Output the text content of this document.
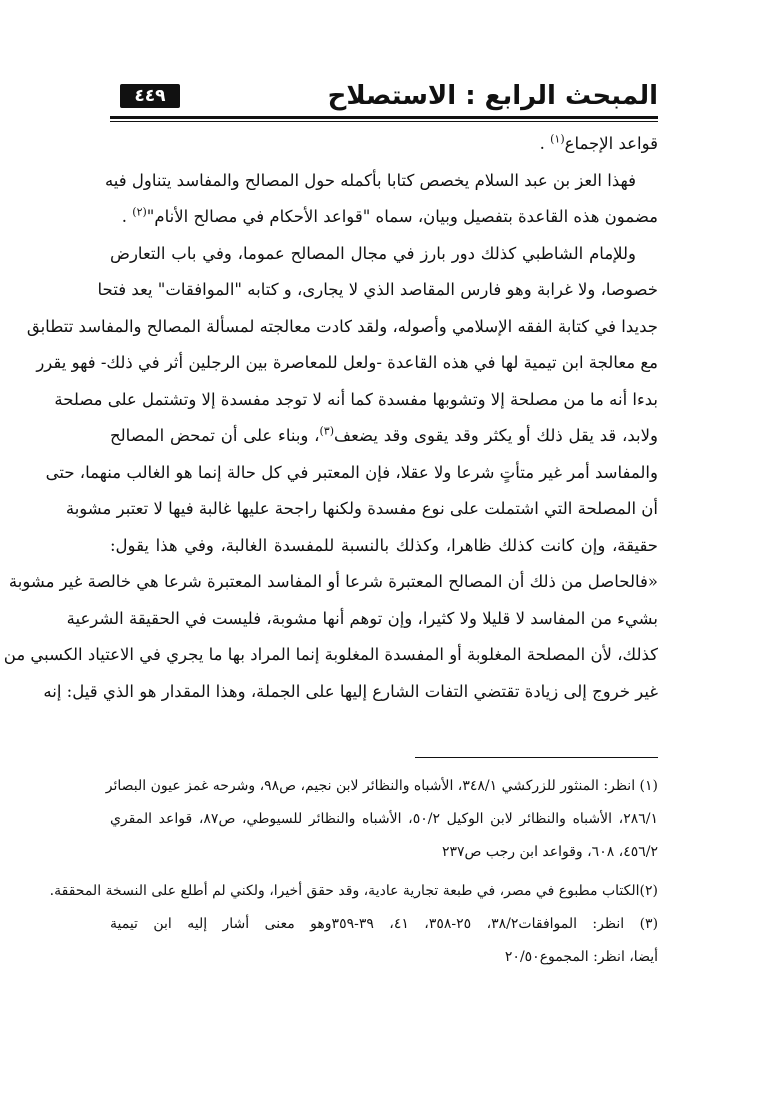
المبحث الرابع : الاستصلاح
٤٤٩
قواعد الإجماع$^{(١)}$ .
فهذا العز بن عبد السلام يخصص كتابا بأكمله حول المصالح والمفاسد يتناول فيه
مضمون هذه القاعدة بتفصيل وبيان، سماه "قواعد الأحكام في مصالح الأنام"$^{(٢)}$ .
وللإمام الشاطبي كذلك دور بارز في مجال المصالح عموما، وفي باب التعارض
خصوصا، ولا غرابة وهو فارس المقاصد الذي لا يجارى، و كتابه "الموافقات" يعد فتحا
جديدا في كتابة الفقه الإسلامي وأصوله، ولقد كادت معالجته لمسألة المصالح والمفاسد تتطابق
مع معالجة ابن تيمية لها في هذه القاعدة -ولعل للمعاصرة بين الرجلين أثر في ذلك- فهو يقرر
بدءا أنه ما من مصلحة إلا وتشوبها مفسدة كما أنه لا توجد مفسدة إلا وتشتمل على مصلحة
ولابد، قد يقل ذلك أو يكثر وقد يقوى وقد يضعف$^{(٣)}$، وبناء على أن تمحض المصالح
والمفاسد أمر غير متأتٍ شرعا ولا عقلا، فإن المعتبر في كل حالة إنما هو الغالب منهما، حتى
أن المصلحة التي اشتملت على نوع مفسدة ولكنها راجحة عليها غالبة فيها لا تعتبر مشوبة
حقيقة، وإن كانت كذلك ظاهرا، وكذلك بالنسبة للمفسدة الغالبة، وفي هذا يقول:
«فالحاصل من ذلك أن المصالح المعتبرة شرعا أو المفاسد المعتبرة شرعا هي خالصة غير مشوبة
بشيء من المفاسد لا قليلا ولا كثيرا، وإن توهم أنها مشوبة، فليست في الحقيقة الشرعية
كذلك، لأن المصلحة المغلوبة أو المفسدة المغلوبة إنما المراد بها ما يجري في الاعتياد الكسبي من
غير خروج إلى زيادة تقتضي التفات الشارع إليها على الجملة، وهذا المقدار هو الذي قيل: إنه
(١) انظر: المنثور للزركشي ٣٤٨/١، الأشباه والنظائر لابن نجيم، ص٩٨، وشرحه غمز عيون البصائر
٢٨٦/١، الأشباه والنظائر لابن الوكيل ٥٠/٢، الأشباه والنظائر للسيوطي، ص٨٧، قواعد المقري
٤٥٦/٢، ٦٠٨، وقواعد ابن رجب ص٢٣٧
(٢)الكتاب مطبوع في مصر، في طبعة تجارية عادية، وقد حقق أخيرا، ولكني لم أطلع على النسخة المحققة.
(٣) انظر: الموافقات٣٨/٢، ٢٥-٣٥٨، ٤١، ٣٩-٣٥٩وهو معنى أشار إليه ابن تيمية
أيضا، انظر: المجموع٢٠/٥٠
